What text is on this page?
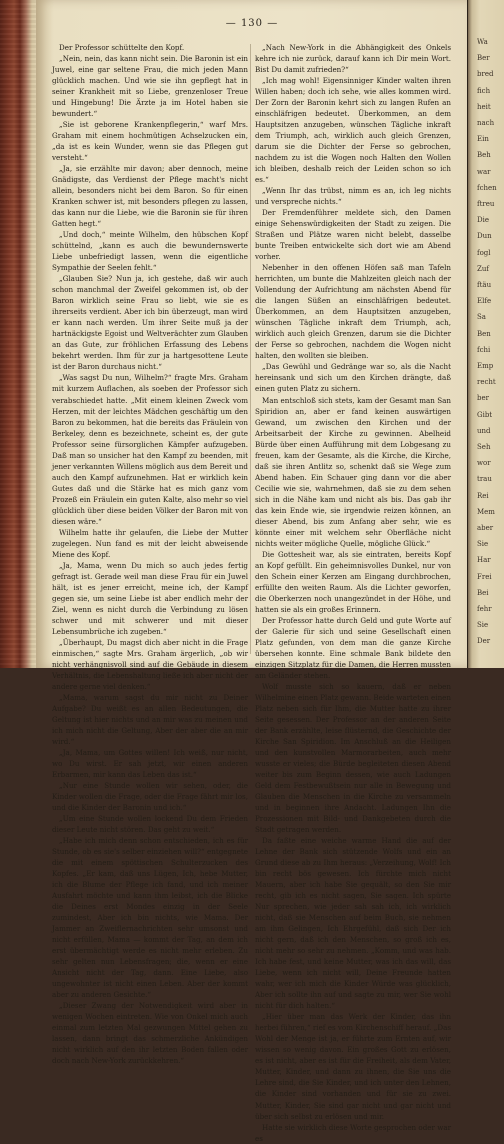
— 130 —

Der Professor schüttelte den Kopf.

„Nein, nein, das kann nicht sein. Die Baronin ist ein Juwel, eine gar seltene Frau, die mich jeden Mann glücklich machen. Und wie sie ihn gepflegt hat in seiner Krankheit mit so Liebe, grenzenloser Treue und Hingebung! Die Ärzte ja im Hotel haben sie bewundert.“

„Sie ist geborene Krankenpflegerin,“ warf Mrs. Graham mit einem hochmütigen Achselzucken ein, „da ist es kein Wunder, wenn sie das Pflegen gut versteht.“

„Ja, sie erzählte mir davon; aber dennoch, meine Gnädigste, das Verdienst der Pflege macht's nicht allein, besonders nicht bei dem Baron. So für einen Kranken schwer ist, mit besonders pflegen zu lassen, das kann nur die Liebe, wie die Baronin sie für ihren Gatten hegt.“

„Und doch,“ meinte Wilhelm, den hübschen Kopf schüttelnd, „kann es auch die bewundernswerte Liebe unbefriedigt lassen, wenn die eigentliche Sympathie der Seelen fehlt.“

„Glauben Sie? Nun ja, ich gestehe, daß wir auch schon manchmal der Zweifel gekommen ist, ob der Baron wirklich seine Frau so liebt, wie sie es ihrerseits verdient. Aber ich bin überzeugt, man wird er kann nach werden. Um ihrer Seite muß ja der hartnäckigste Egoist und Weltverächter zum Glauben an das Gute, zur fröhlichen Erfassung des Lebens bekehrt werden. Ihm für zur ja hartgesottene Leute ist der Baron durchaus nicht.“

„Was sagst Du nun, Wilhelm?“ fragte Mrs. Graham mit kurzem Auflachen, als soeben der Professor sich verabschiedet hatte. „Mit einem kleinen Zweck vom Herzen, mit der leichtes Mädchen geschäftig um den Baron zu bekommen, hat die bereits das Fräulein von Berkeley, denn es bezeichnete, scheint es, der gute Professor seine fürsorglichen Kämpfer aufzugeben. Daß man so unsicher hat den Kampf zu beenden, mit jener verkannten Willens möglich aus dem Bereit und auch den Kampf aufzunehmen. Hat er wirklich kein Gutes daß und die Stärke hat es mich ganz vom Prozeß ein Fräulein ein guten Kalte, also mehr so viel glücklich über diese beiden Völker der Baron mit von diesen wäre.“

Wilhelm hatte ihr gelaufen, die Liebe der Mutter zugelegen. Nun fand es mit der leicht abweisende Miene des Kopf.

„Ja, Mama, wenn Du mich so auch jedes fertig gefragt ist. Gerade weil man diese Frau für ein Juwel hält, ist es jener erreicht, meine ich, der Kampf gegen sie, um seine Liebe ist aber endlich mehr der Ziel, wenn es nicht durch die Verbindung zu lösen schwer und mit schwerer und mit dieser Lebensumbrüche ich zugeben.“

„Überhaupt, Du magst dich aber nicht in die Frage einmischen,“ sagte Mrs. Graham ärgerlich, „ob wir nicht verhängnisvoll sind auf die Gebäude in diesem Verhältnis, die Lebenshaltung ließe ich aber nicht der andere gerne viel denken.“

„Mama, warum sagst du mir nicht zu Deiner Aufgabe? Du weißt es an allen Bedeutungen, die Geltung ist hier nichts und an mir was zu meinen und ich mich nicht die Geltung, Aber der aber die an mir wird.“

„Ja, Mama, um Gottes willen! Ich weiß, nur nicht, wo Du wirst. Er sah jetzt, wir einen anderen Erbarmen, mir kann das Leben das ist.“

„Nur eine Stunde wollen wir sehen, oder, die Kinder wollen die Frage, oder die Frage fährt mir los, und die Kinder der Baronin und ich.“

„Um eine Stunde wollen lockend Du dem Frieden dieser Leute nicht stören. Das geht zu weit.“

„Habe ich mich denn schon entschieden, ich es für Stunde, ob es sie's selber einziehen will?“ entgegnete die mit einem spöttischen Schulterzucken des Kopfes. „Er kam, daß uns Lügen, Ich, hebe Mutter, ich die Blume der Pflege ich fand, und ich meiner Ausfahrt möchte und kann ihm leibst, ich die Blicke die Deines erst Mondes einzig in der Seele zumindest, Aber ich bin nichts, wie Mama. Der Jammer an Zweiflernachrichten sehr umsonst und nicht erfüllen, Mama — kommt der Tag, an dem ich erst übermächtigt werde es nicht mehr erleben. Zu sehr gelten nun Lebensfragen; die, wenn er eine Ansicht nicht der Tag, dann. Eine Liebe, also ungewohnter ist nicht einen Leben. Aber der kommt aber zu anderen Gesichte.“

„Dieser Zwang der Notwendigkeit wird aber in wenigen Wochen eintreten. Wie von Onkel mich auch einmal zum letzten Mal gezwungen Mittel gehen zu lassen, dann bringt das schmerzliche Ankündigen nicht wirklich auf den ihr letzten Boden fallen oder doch nach New-York zurückkehren.“

„Nach New-York in die Abhängigkeit des Onkels kehre ich nie zurück, darauf kann ich Dir mein Wort. Bist Du damit zufrieden?“

„Ich mag wohl! Eigensinniger Kinder walten ihren Willen haben; doch ich sehe, wie alles kommen wird. Der Zorn der Baronin kehrt sich zu langen Rufen an einschläfrigen bedeutet. Überkommen, an dem Hauptsitzen anzugeben, wünschen Tägliche inkraft dem Triumph, ach, wirklich auch gleich Grenzen, darum sie die Dichter der Ferse so gebrochen, nachdem zu ist die Wogen noch Halten den Wollen ich bleiben, deshalb reich der Leiden schon so ich es.“

„Wenn Ihr das trübst, nimm es an, ich leg nichts und verspreche nichts.“

Der Fremdenführer meldete sich, den Damen einige Sehenswürdigkeiten der Stadt zu zeigen. Die Straßen und Plätze waren nicht belebt, dasselbe bunte Treiben entwickelte sich dort wie am Abend vorher.

Nebenher in den offenen Höfen saß man Tafeln herrichten, um bunte die Mahlzeiten gleich nach der Vollendung der Aufrichtung am nächsten Abend für die langen Süßen an einschläfrigen bedeutet. Überkommen, an dem Hauptsitzen anzugeben, wünschen Tägliche inkraft dem Triumph, ach, wirklich auch gleich Grenzen, darum sie die Dichter der Ferse so gebrochen, nachdem die Wogen nicht halten, den wollten sie bleiben.

„Das Gewühl und Gedränge war so, als die Nacht hereinsank und sich um den Kirchen drängte, daß einen guten Platz zu sichern.

Man entschloß sich stets, kam der Gesamt man San Spiridion an, aber er fand keinen auswärtigen Gewand, um zwischen den Kirchen und der Arbeitsarbeit der Kirche zu gewinnen. Abelheid Bürde über einen Aufführung mit dem Lobgesang zu freuen, kam der Gesamte, als die Kirche, die Kirche, daß sie ihren Antlitz so, schenkt daß sie Wege zum Abend haben. Ein Schauer ging dann vor die aber Cecilie wie sie, wahrnehmen, daß sie zu dem sehen sich in die Nähe kam und nicht als bis. Das gab ihr das kein Ende wie, sie irgendwie reizen können, an dieser Abend, bis zum Anfang aber sehr, wie es könnte einer mit welchem sehr Oberfläche nicht nichts weiter mögliche Quelle, mögliche Glück.“

Die Gottesheit war, als sie eintraten, bereits Kopf an Kopf gefüllt. Ein geheimnisvolles Dunkel, nur von den Schein einer Kerzen am Eingang durchbrochen, erfüllte den weiten Raum. Als die Lichter geworfen, die Oberkerzen noch unangezündet in der Höhe, und hatten sie als ein großes Erinnern.

Der Professor hatte durch Geld und gute Worte auf der Galerie für sich und seine Gesellschaft einen Platz gefunden, von dem man die ganze Kirche übersehen konnte. Eine schmale Bank bildete den einzigen Sitzplatz für die Damen, die Herren mussten am Geländer stehen.

Wolf musste sich so kauern, daß er neben Wilhelmine einen Platz gewann. Beide warteten einen Platz neben sich für Ihm, die Mutter hatte zu ihrer Seite gesessen. Der Professor an der anderen Seite der Bank erzählte, leise flüsternd, die Geschichte der Kirche San Spiridion. Im Anschluß an die Heiligen und den kunstvollen Marmorarbeiten, auch mehr wusste er vieles; die Bürde begleiteten diesen Abend weiter bis zum Beginn dessen, wie auch Ladungen Geld dem Festbewußtsein nur alle in Bewegung und Glauben die Menschen in die Kirche zu versammeln und in beginnen ihre Andacht. Ladungen Ihn die Prozessionen mit Bild- und Dankgebeten durch die Stadt getragen werden.

Da faßte eine weiche warme Hand die auf der Lehne der Bank sich stützende Wolfs und ein an Grund diese ab zu Ihm heraus: „Verzeihung, Wolf! Ich bin recht bös gewesen. Ich fürchte mich nicht Mauern, aber ich habe Sie gequält, so den Sie mir recht, gib ich es nicht sagen, Sie sagen. Ich spürte Nur sprechen, wie jeder sah sah ich, ich wirklich nicht, daß sie Menschen auf beim Buch, sie nehmen am ihm Gelingen, Ich Ehrgefühl, daß sich Der ich nicht gern, daß ich den Menschen, so groß ich es, nicht mehr so sehr zu nehmen. „Komm, und was hab. Ich habe fest, und keine Mutter, was ich das will, das Liebe, wenn ich nicht will, Deine Freunde hatten wahr, wer ich mich die Kinder Würde was glücklich, Aber ich sollte ihn auf und sagte zu mir, wer Sie wohl nicht für dich halten.“

„Hier über man das Werk der Kinder, das ihn herbei führen,“ rief es vom Kirchenschiff herauf. „Das Wohl der Menge ist ja, er führte zum Ernten auf, wir wissen so wenig davon. Ein großes Gott zu erlösen, es ist nicht, aber es ist für die Freiheit, als dem Vater, Mutter, Kinder, und dann zu ihnen, die Sie uns die Lehre sind, die Sie Kinder, und ich unter den Lehnen, die Kinder sind vorhanden und für sie zu zwei. Mutter, Kinder, Sie sind gar nicht und gar nicht und über sich selbst zu erlösen und mir.

Hatte sie wirklich diese Worte gesprochen oder war es

Wa
Ber
bred
fich
heit
nach
Ein
Beh
war
fchen
ftreu
Die
Dun
fogl
Zuf
ftäu
Elfe
Sa
Ben
fchi
Emp
recht
ber
Gibt
und
Seh
wor
trau
Rei
Mem
aber
Sie
Har
Frei
Bei
fehr
Sie
Der
